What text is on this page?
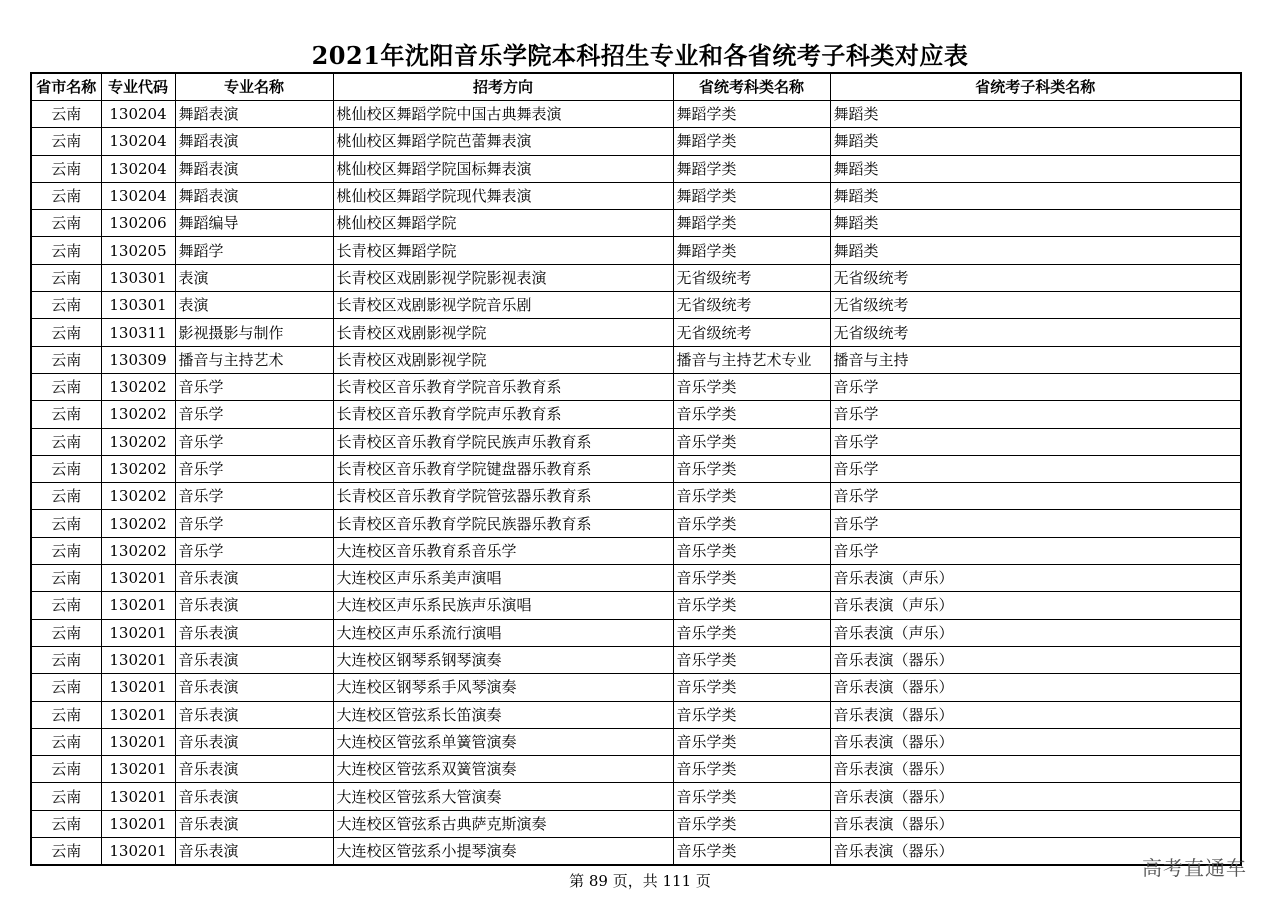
2021年沈阳音乐学院本科招生专业和各省统考子科类对应表
省市名称	专业代码	专业名称	招考方向	省统考科类名称	省统考子科类名称
云南	130204	舞蹈表演	桃仙校区舞蹈学院中国古典舞表演	舞蹈学类	舞蹈类
云南	130204	舞蹈表演	桃仙校区舞蹈学院芭蕾舞表演	舞蹈学类	舞蹈类
云南	130204	舞蹈表演	桃仙校区舞蹈学院国标舞表演	舞蹈学类	舞蹈类
云南	130204	舞蹈表演	桃仙校区舞蹈学院现代舞表演	舞蹈学类	舞蹈类
云南	130206	舞蹈编导	桃仙校区舞蹈学院	舞蹈学类	舞蹈类
云南	130205	舞蹈学	长青校区舞蹈学院	舞蹈学类	舞蹈类
云南	130301	表演	长青校区戏剧影视学院影视表演	无省级统考	无省级统考
云南	130301	表演	长青校区戏剧影视学院音乐剧	无省级统考	无省级统考
云南	130311	影视摄影与制作	长青校区戏剧影视学院	无省级统考	无省级统考
云南	130309	播音与主持艺术	长青校区戏剧影视学院	播音与主持艺术专业	播音与主持
云南	130202	音乐学	长青校区音乐教育学院音乐教育系	音乐学类	音乐学
云南	130202	音乐学	长青校区音乐教育学院声乐教育系	音乐学类	音乐学
云南	130202	音乐学	长青校区音乐教育学院民族声乐教育系	音乐学类	音乐学
云南	130202	音乐学	长青校区音乐教育学院键盘器乐教育系	音乐学类	音乐学
云南	130202	音乐学	长青校区音乐教育学院管弦器乐教育系	音乐学类	音乐学
云南	130202	音乐学	长青校区音乐教育学院民族器乐教育系	音乐学类	音乐学
云南	130202	音乐学	大连校区音乐教育系音乐学	音乐学类	音乐学
云南	130201	音乐表演	大连校区声乐系美声演唱	音乐学类	音乐表演（声乐）
云南	130201	音乐表演	大连校区声乐系民族声乐演唱	音乐学类	音乐表演（声乐）
云南	130201	音乐表演	大连校区声乐系流行演唱	音乐学类	音乐表演（声乐）
云南	130201	音乐表演	大连校区钢琴系钢琴演奏	音乐学类	音乐表演（器乐）
云南	130201	音乐表演	大连校区钢琴系手风琴演奏	音乐学类	音乐表演（器乐）
云南	130201	音乐表演	大连校区管弦系长笛演奏	音乐学类	音乐表演（器乐）
云南	130201	音乐表演	大连校区管弦系单簧管演奏	音乐学类	音乐表演（器乐）
云南	130201	音乐表演	大连校区管弦系双簧管演奏	音乐学类	音乐表演（器乐）
云南	130201	音乐表演	大连校区管弦系大管演奏	音乐学类	音乐表演（器乐）
云南	130201	音乐表演	大连校区管弦系古典萨克斯演奏	音乐学类	音乐表演（器乐）
云南	130201	音乐表演	大连校区管弦系小提琴演奏	音乐学类	音乐表演（器乐）
第 89 页，共 111 页
高考直通车
